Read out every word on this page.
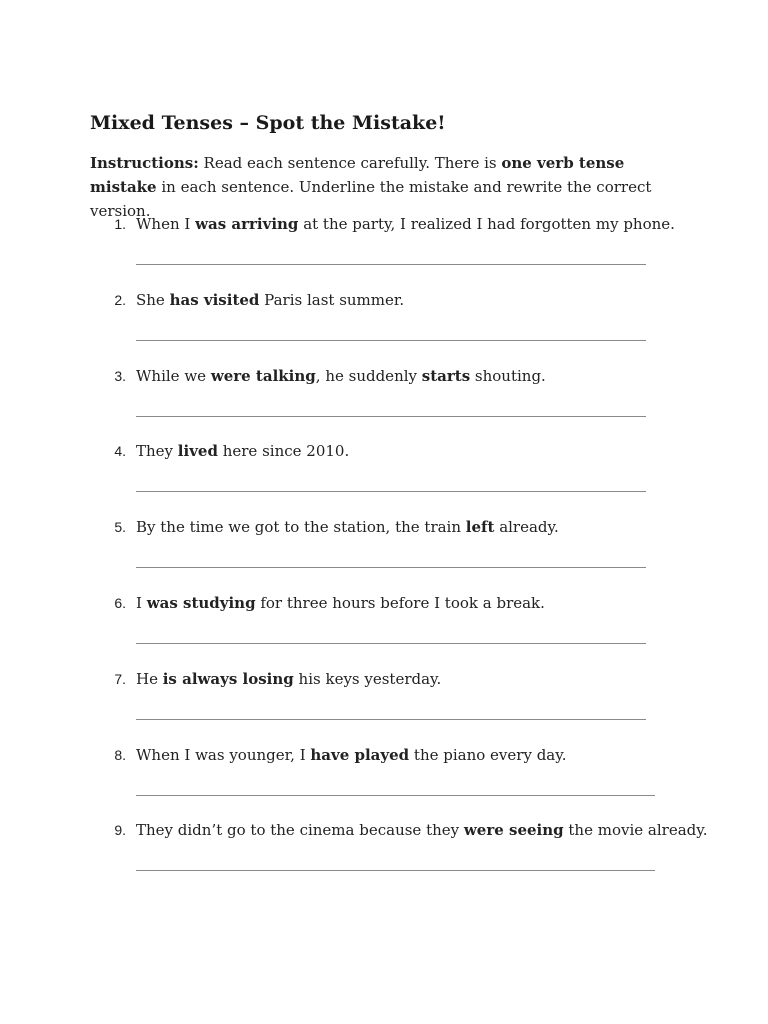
Mixed Tenses – Spot the Mistake!

Instructions: Read each sentence carefully. There is one verb tense mistake in each sentence. Underline the mistake and rewrite the correct version.

1. When I was arriving at the party, I realized I had forgotten my phone.
2. She has visited Paris last summer.
3. While we were talking, he suddenly starts shouting.
4. They lived here since 2010.
5. By the time we got to the station, the train left already.
6. I was studying for three hours before I took a break.
7. He is always losing his keys yesterday.
8. When I was younger, I have played the piano every day.
9. They didn’t go to the cinema because they were seeing the movie already.
